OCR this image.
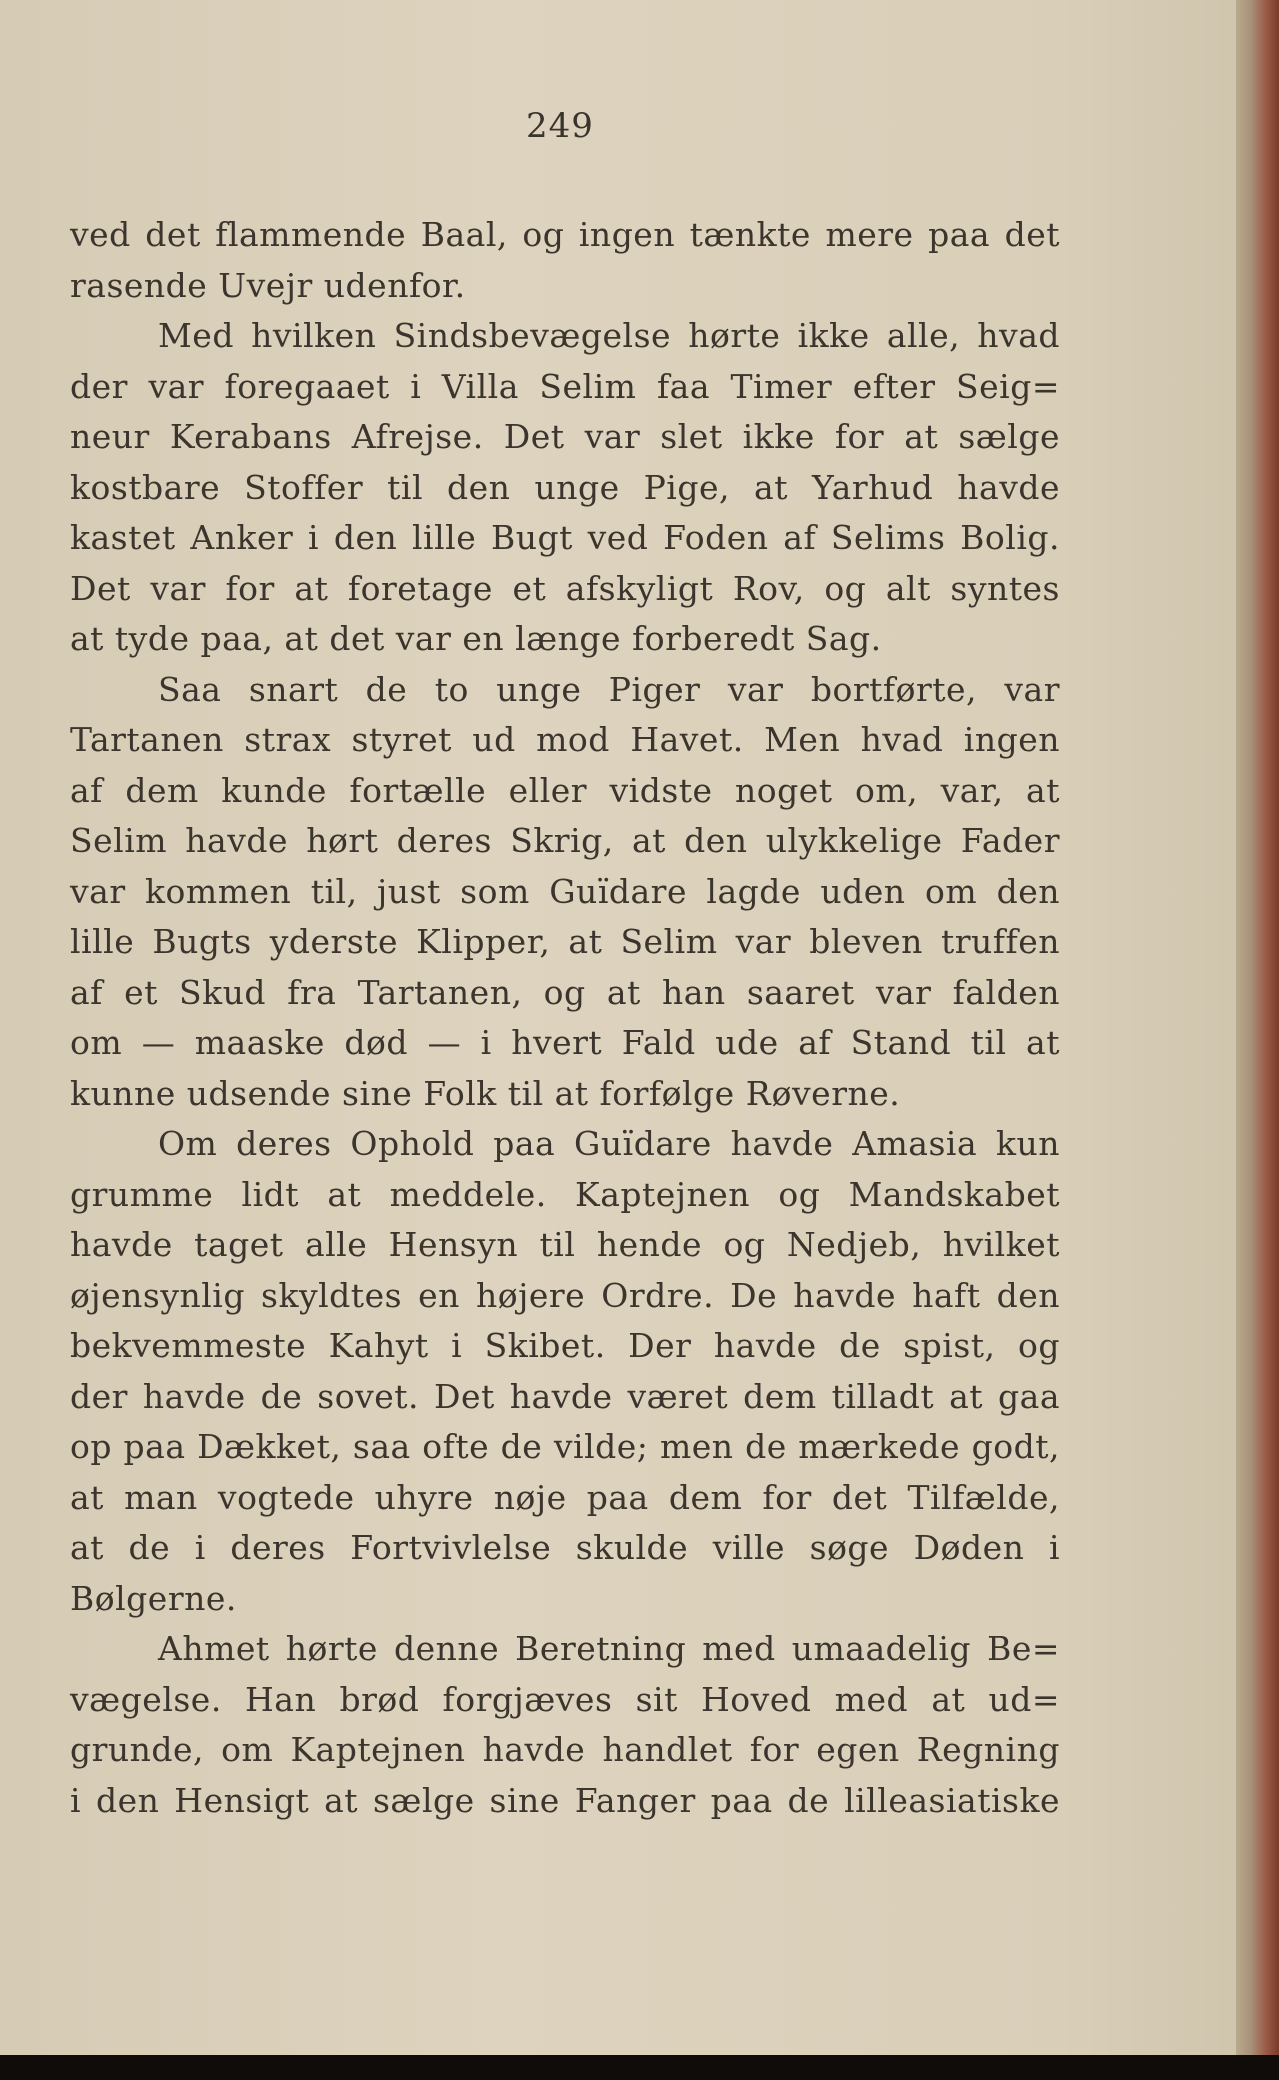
249
ved det flammende Baal, og ingen tænkte mere paa det
rasende Uvejr udenfor.
Med hvilken Sindsbevægelse hørte ikke alle, hvad
der var foregaaet i Villa Selim faa Timer efter Seig=
neur Kerabans Afrejse. Det var slet ikke for at sælge
kostbare Stoffer til den unge Pige, at Yarhud havde
kastet Anker i den lille Bugt ved Foden af Selims Bolig.
Det var for at foretage et afskyligt Rov, og alt syntes
at tyde paa, at det var en længe forberedt Sag.
Saa snart de to unge Piger var bortførte, var
Tartanen strax styret ud mod Havet. Men hvad ingen
af dem kunde fortælle eller vidste noget om, var, at
Selim havde hørt deres Skrig, at den ulykkelige Fader
var kommen til, just som Guïdare lagde uden om den
lille Bugts yderste Klipper, at Selim var bleven truffen
af et Skud fra Tartanen, og at han saaret var falden
om — maaske død — i hvert Fald ude af Stand til at
kunne udsende sine Folk til at forfølge Røverne.
Om deres Ophold paa Guïdare havde Amasia kun
grumme lidt at meddele. Kaptejnen og Mandskabet
havde taget alle Hensyn til hende og Nedjeb, hvilket
øjensynlig skyldtes en højere Ordre. De havde haft den
bekvemmeste Kahyt i Skibet. Der havde de spist, og
der havde de sovet. Det havde været dem tilladt at gaa
op paa Dækket, saa ofte de vilde; men de mærkede godt,
at man vogtede uhyre nøje paa dem for det Tilfælde,
at de i deres Fortvivlelse skulde ville søge Døden i
Bølgerne.
Ahmet hørte denne Beretning med umaadelig Be=
vægelse. Han brød forgjæves sit Hoved med at ud=
grunde, om Kaptejnen havde handlet for egen Regning
i den Hensigt at sælge sine Fanger paa de lilleasiatiske
